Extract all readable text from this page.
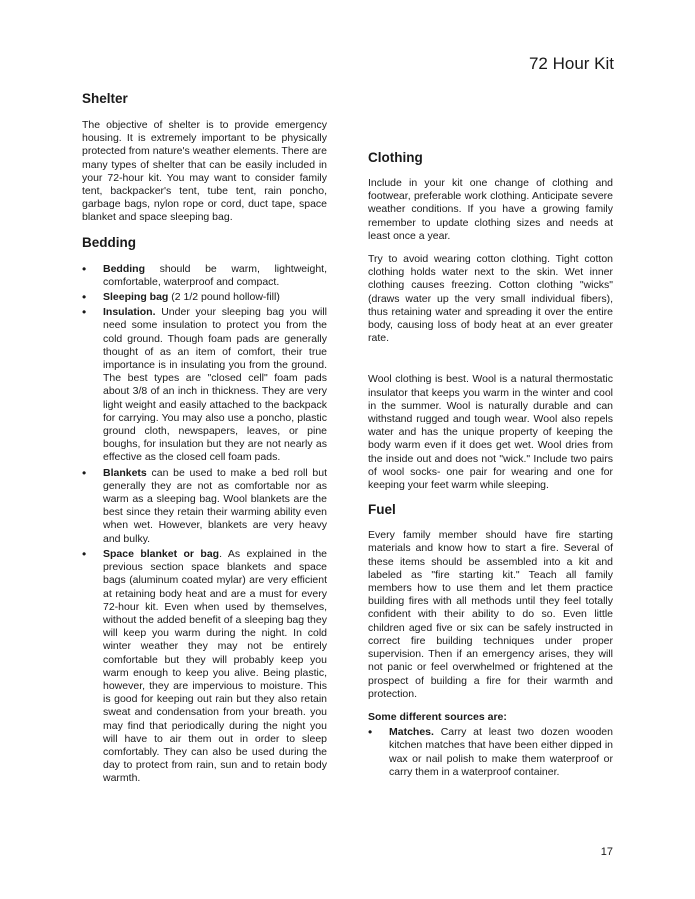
72 Hour Kit
Shelter

The objective of shelter is to provide emergency housing. It is extremely important to be physically protected from nature's weather elements. There are many types of shelter that can be easily included in your 72-hour kit. You may want to consider family tent, backpacker's tent, tube tent, rain poncho, garbage bags, nylon rope or cord, duct tape, space blanket and space sleeping bag.

Bedding
• Bedding should be warm, lightweight, comfortable, waterproof and compact.
• Sleeping bag (2 1/2 pound hollow-fill)
• Insulation. Under your sleeping bag you will need some insulation to protect you from the cold ground. Though foam pads are generally thought of as an item of comfort, their true importance is in insulating you from the ground. The best types are "closed cell" foam pads about 3/8 of an inch in thickness. They are very light weight and easily attached to the backpack for carrying. You may also use a poncho, plastic ground cloth, newspapers, leaves, or pine boughs, for insulation but they are not nearly as effective as the closed cell foam pads.
• Blankets can be used to make a bed roll but generally they are not as comfortable nor as warm as a sleeping bag. Wool blankets are the best since they retain their warming ability even when wet. However, blankets are very heavy and bulky.
• Space blanket or bag. As explained in the previous section space blankets and space bags (aluminum coated mylar) are very efficient at retaining body heat and are a must for every 72-hour kit. Even when used by themselves, without the added benefit of a sleeping bag they will keep you warm during the night. In cold winter weather they may not be entirely comfortable but they will probably keep you warm enough to keep you alive. Being plastic, however, they are impervious to moisture. This is good for keeping out rain but they also retain sweat and condensation from your breath. you may find that periodically during the night you will have to air them out in order to sleep comfortably. They can also be used during the day to protect from rain, sun and to retain body warmth.
Clothing

Include in your kit one change of clothing and footwear, preferable work clothing. Anticipate severe weather conditions. If you have a growing family remember to update clothing sizes and needs at least once a year.

Try to avoid wearing cotton clothing. Tight cotton clothing holds water next to the skin. Wet inner clothing causes freezing. Cotton clothing "wicks" (draws water up the very small individual fibers), thus retaining water and spreading it over the entire body, causing loss of body heat at an ever greater rate.

Wool clothing is best. Wool is a natural thermostatic insulator that keeps you warm in the winter and cool in the summer. Wool is naturally durable and can withstand rugged and tough wear. Wool also repels water and has the unique property of keeping the body warm even if it does get wet. Wool dries from the inside out and does not "wick." Include two pairs of wool socks- one pair for wearing and one for keeping your feet warm while sleeping.

Fuel

Every family member should have fire starting materials and know how to start a fire. Several of these items should be assembled into a kit and labeled as "fire starting kit." Teach all family members how to use them and let them practice building fires with all methods until they feel totally confident with their ability to do so. Even little children aged five or six can be safely instructed in correct fire building techniques under proper supervision. Then if an emergency arises, they will not panic or feel overwhelmed or frightened at the prospect of building a fire for their warmth and protection.

Some different sources are:
• Matches. Carry at least two dozen wooden kitchen matches that have been either dipped in wax or nail polish to make them waterproof or carry them in a waterproof container.
17
